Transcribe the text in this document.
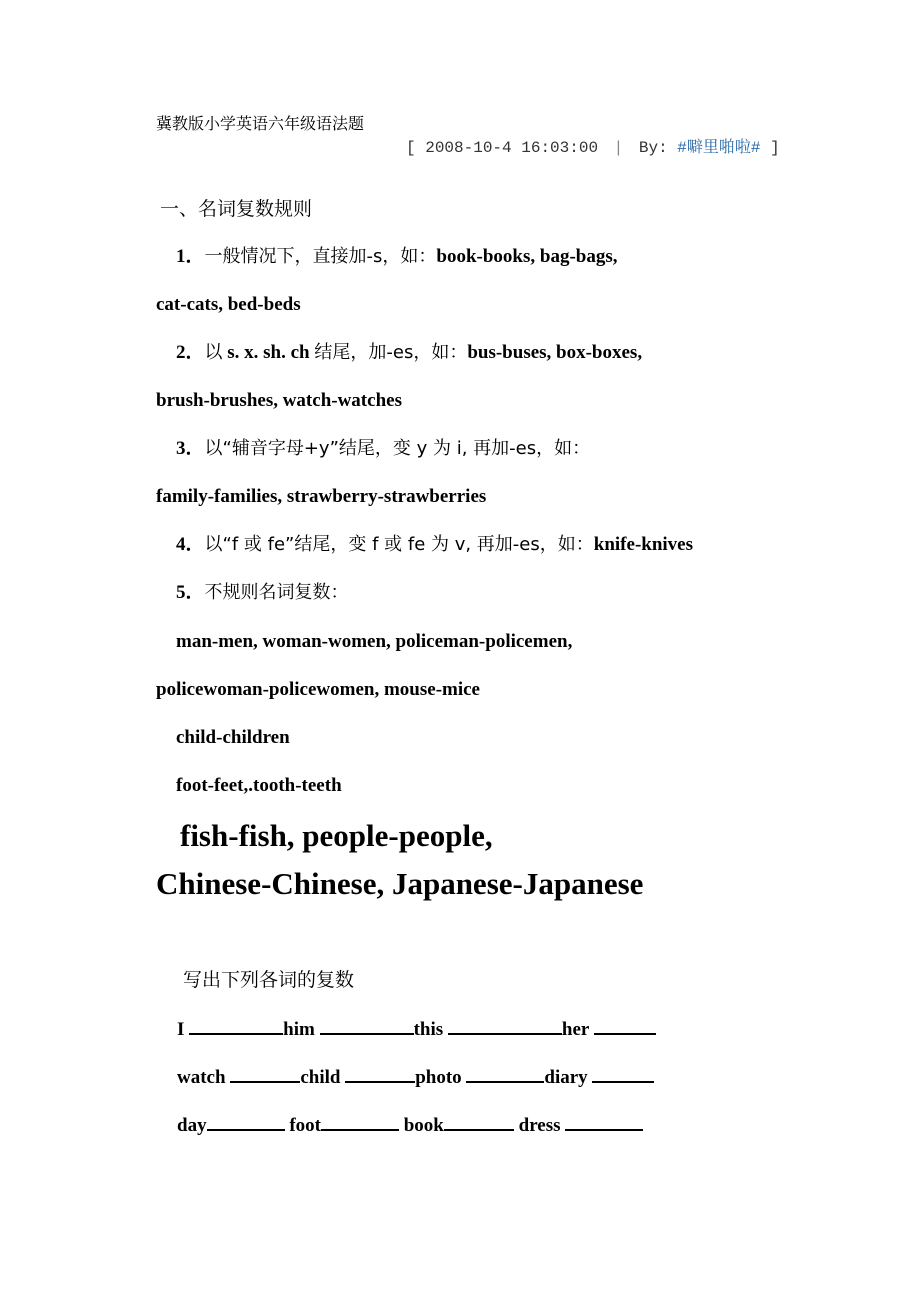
冀教版小学英语六年级语法题
[ 2008-10-4 16:03:00 | By: #噼里啪啦# ]
一、名词复数规则
1．一般情况下，直接加-s，如：book-books, bag-bags,
cat-cats, bed-beds
2．以 s. x. sh. ch 结尾，加-es，如：bus-buses, box-boxes,
brush-brushes, watch-watches
3．以“辅音字母+y”结尾，变 y 为 i, 再加-es，如：
family-families, strawberry-strawberries
4．以“f 或 fe”结尾，变 f 或 fe 为 v, 再加-es，如：knife-knives
5．不规则名词复数：
man-men, woman-women, policeman-policemen,
policewoman-policewomen, mouse-mice
child-children
foot-feet,.tooth-teeth
fish-fish, people-people,
Chinese-Chinese, Japanese-Japanese
写出下列各词的复数
I	him	this	her
watch	child	photo	diary
day	foot	book	dress
